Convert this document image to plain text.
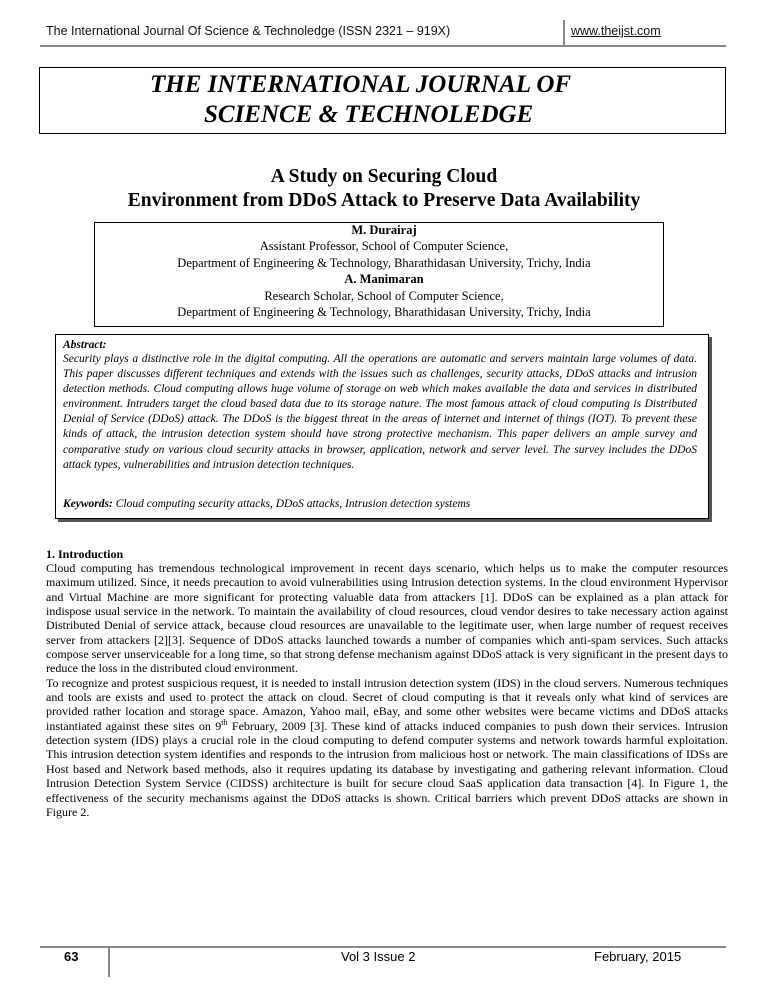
The International Journal Of Science & Technoledge (ISSN 2321 – 919X)	www.theijst.com
THE INTERNATIONAL JOURNAL OF
SCIENCE & TECHNOLEDGE
A Study on Securing Cloud
Environment from DDoS Attack to Preserve Data Availability
M. Durairaj
Assistant Professor, School of Computer Science,
Department of Engineering & Technology, Bharathidasan University, Trichy, India
A. Manimaran
Research Scholar, School of Computer Science,
Department of Engineering & Technology, Bharathidasan University, Trichy, India
Abstract:
Security plays a distinctive role in the digital computing. All the operations are automatic and servers maintain large volumes of data. This paper discusses different techniques and extends with the issues such as challenges, security attacks, DDoS attacks and intrusion detection methods. Cloud computing allows huge volume of storage on web which makes available the data and services in distributed environment. Intruders target the cloud based data due to its storage nature. The most famous attack of cloud computing is Distributed Denial of Service (DDoS) attack. The DDoS is the biggest threat in the areas of internet and internet of things (IOT). To prevent these kinds of attack, the intrusion detection system should have strong protective mechanism. This paper delivers an ample survey and comparative study on various cloud security attacks in browser, application, network and server level. The survey includes the DDoS attack types, vulnerabilities and intrusion detection techniques.
Keywords: Cloud computing security attacks, DDoS attacks, Intrusion detection systems
1. Introduction

Cloud computing has tremendous technological improvement in recent days scenario, which helps us to make the computer resources maximum utilized. Since, it needs precaution to avoid vulnerabilities using Intrusion detection systems. In the cloud environment Hypervisor and Virtual Machine are more significant for protecting valuable data from attackers [1]. DDoS can be explained as a plan attack for indispose usual service in the network. To maintain the availability of cloud resources, cloud vendor desires to take necessary action against Distributed Denial of service attack, because cloud resources are unavailable to the legitimate user, when large number of request receives server from attackers [2][3]. Sequence of DDoS attacks launched towards a number of companies which anti-spam services. Such attacks compose server unserviceable for a long time, so that strong defense mechanism against DDoS attack is very significant in the present days to reduce the loss in the distributed cloud environment.

To recognize and protest suspicious request, it is needed to install intrusion detection system (IDS) in the cloud servers. Numerous techniques and tools are exists and used to protect the attack on cloud. Secret of cloud computing is that it reveals only what kind of services are provided rather location and storage space. Amazon, Yahoo mail, eBay, and some other websites were became victims and DDoS attacks instantiated against these sites on 9th February, 2009 [3]. These kind of attacks induced companies to push down their services. Intrusion detection system (IDS) plays a crucial role in the cloud computing to defend computer systems and network towards harmful exploitation. This intrusion detection system identifies and responds to the intrusion from malicious host or network. The main classifications of IDSs are Host based and Network based methods, also it requires updating its database by investigating and gathering relevant information. Cloud Intrusion Detection System Service (CIDSS) architecture is built for secure cloud SaaS application data transaction [4]. In Figure 1, the effectiveness of the security mechanisms against the DDoS attacks is shown. Critical barriers which prevent DDoS attacks are shown in Figure 2.

63	Vol 3 Issue 2	February, 2015
